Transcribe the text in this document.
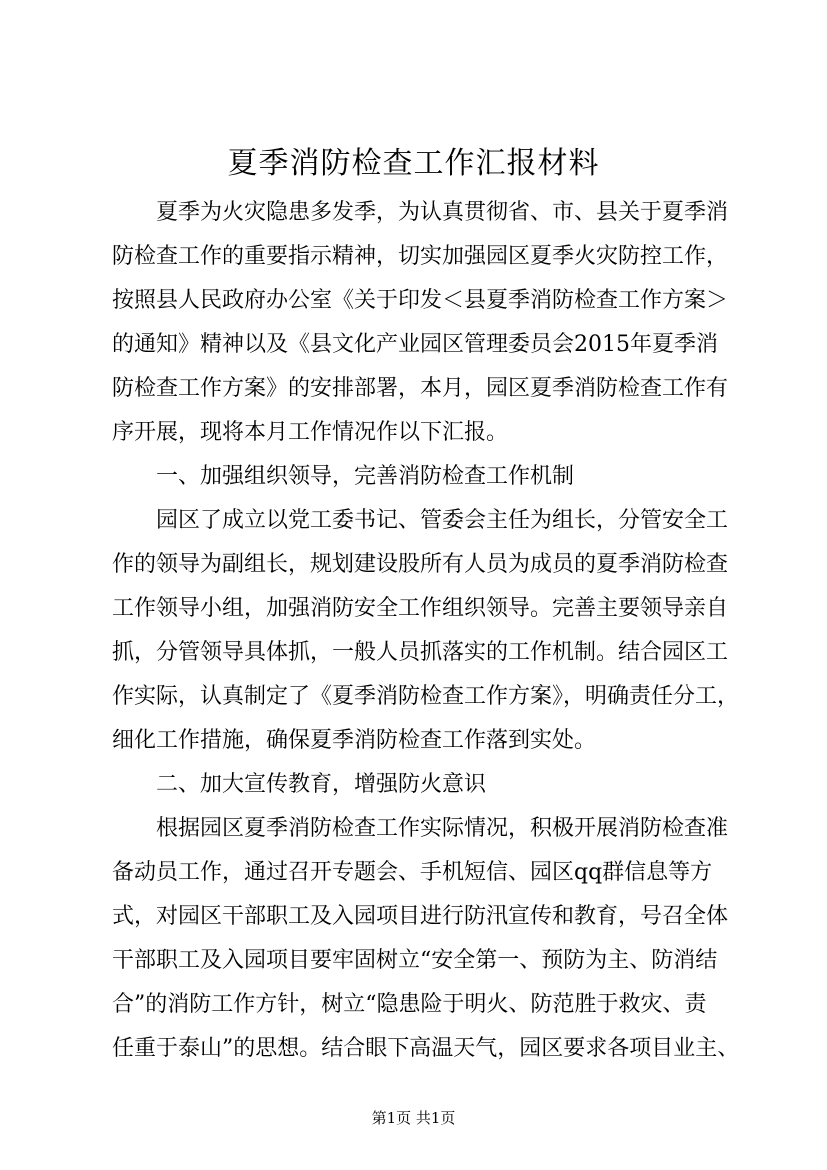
夏季消防检查工作汇报材料

　　夏季为火灾隐患多发季，为认真贯彻省、市、县关于夏季消

防检查工作的重要指示精神，切实加强园区夏季火灾防控工作，

按照县人民政府办公室《关于印发＜县夏季消防检查工作方案＞

的通知》精神以及《县文化产业园区管理委员会2015年夏季消

防检查工作方案》的安排部署，本月，园区夏季消防检查工作有

序开展，现将本月工作情况作以下汇报。

　　一、加强组织领导，完善消防检查工作机制

　　园区了成立以党工委书记、管委会主任为组长，分管安全工

作的领导为副组长，规划建设股所有人员为成员的夏季消防检查

工作领导小组，加强消防安全工作组织领导。完善主要领导亲自

抓，分管领导具体抓，一般人员抓落实的工作机制。结合园区工

作实际，认真制定了《夏季消防检查工作方案》，明确责任分工，

细化工作措施，确保夏季消防检查工作落到实处。

　　二、加大宣传教育，增强防火意识

　　根据园区夏季消防检查工作实际情况，积极开展消防检查准

备动员工作，通过召开专题会、手机短信、园区qq群信息等方

式，对园区干部职工及入园项目进行防汛宣传和教育，号召全体

干部职工及入园项目要牢固树立“安全第一、预防为主、防消结

合”的消防工作方针，树立“隐患险于明火、防范胜于救灾、责

任重于泰山”的思想。结合眼下高温天气，园区要求各项目业主、

第1页 共1页
